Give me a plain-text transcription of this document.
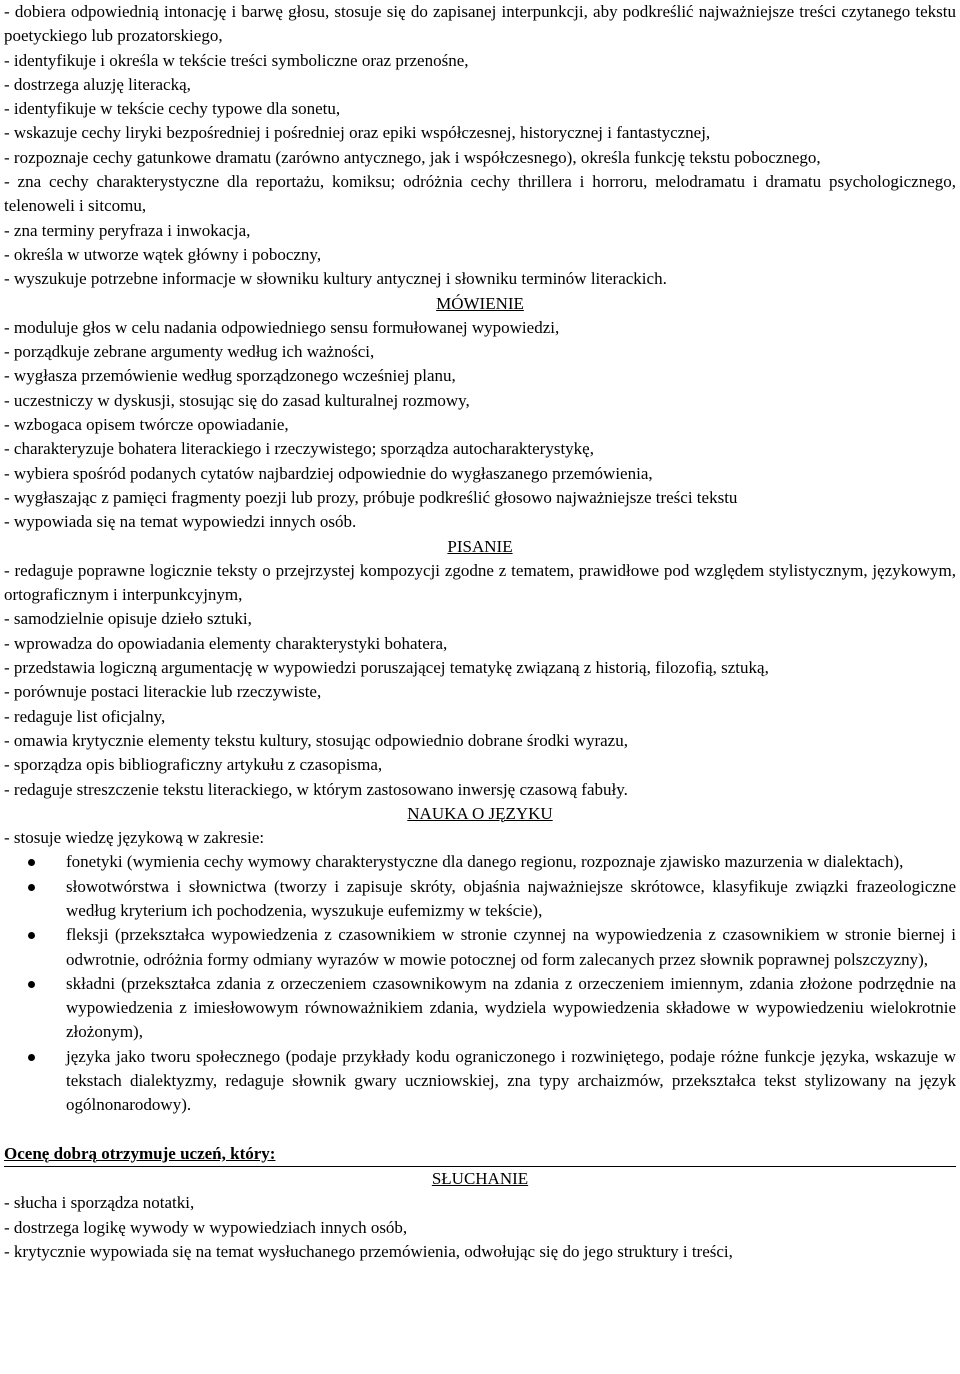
- dobiera odpowiednią intonację i barwę głosu, stosuje się do zapisanej interpunkcji, aby podkreślić najważniejsze treści czytanego tekstu poetyckiego lub prozatorskiego,

- identyfikuje i określa w tekście treści symboliczne oraz przenośne,

- dostrzega aluzję literacką,

- identyfikuje w tekście cechy typowe dla sonetu,

- wskazuje cechy liryki bezpośredniej i pośredniej oraz epiki współczesnej, historycznej i fantastycznej,

- rozpoznaje cechy gatunkowe dramatu (zarówno antycznego, jak i współczesnego), określa funkcję tekstu pobocznego,

- zna cechy charakterystyczne dla reportażu, komiksu; odróżnia cechy thrillera i horroru, melodramatu i dramatu psychologicznego, telenoweli i sitcomu,

- zna terminy peryfraza i inwokacja,

- określa w utworze wątek główny i poboczny,

- wyszukuje potrzebne informacje w słowniku kultury antycznej i słowniku terminów literackich.

MÓWIENIE

- moduluje głos w celu nadania odpowiedniego sensu formułowanej wypowiedzi,

- porządkuje zebrane argumenty według ich ważności,

- wygłasza przemówienie według sporządzonego wcześniej planu,

- uczestniczy w dyskusji, stosując się do zasad kulturalnej rozmowy,

- wzbogaca opisem twórcze opowiadanie,

- charakteryzuje bohatera literackiego i rzeczywistego; sporządza autocharakterystykę,

- wybiera spośród podanych cytatów najbardziej odpowiednie do wygłaszanego przemówienia,

- wygłaszając z pamięci fragmenty poezji lub prozy, próbuje podkreślić głosowo najważniejsze treści tekstu

- wypowiada się na temat wypowiedzi innych osób.

PISANIE

- redaguje poprawne logicznie teksty o przejrzystej kompozycji zgodne z tematem, prawidłowe pod względem stylistycznym, językowym, ortograficznym i interpunkcyjnym,

- samodzielnie opisuje dzieło sztuki,

- wprowadza do opowiadania elementy charakterystyki bohatera,

- przedstawia logiczną argumentację w wypowiedzi poruszającej tematykę związaną z historią, filozofią, sztuką,

- porównuje postaci literackie lub rzeczywiste,

- redaguje list oficjalny,

- omawia krytycznie elementy tekstu kultury, stosując odpowiednio dobrane środki wyrazu,

- sporządza opis bibliograficzny artykułu z czasopisma,

- redaguje streszczenie tekstu literackiego, w którym zastosowano inwersję czasową fabuły.

NAUKA O JĘZYKU

- stosuje wiedzę językową w zakresie:

fonetyki (wymienia cechy wymowy charakterystyczne dla danego regionu, rozpoznaje zjawisko mazurzenia w dialektach),
słowotwórstwa i słownictwa (tworzy i zapisuje skróty, objaśnia najważniejsze skrótowce, klasyfikuje związki frazeologiczne według kryterium ich pochodzenia, wyszukuje eufemizmy w tekście),
fleksji (przekształca wypowiedzenia z czasownikiem w stronie czynnej na wypowiedzenia z czasownikiem w stronie biernej i odwrotnie, odróżnia formy odmiany wyrazów w mowie potocznej od form zalecanych przez słownik poprawnej polszczyzny),
składni (przekształca zdania z orzeczeniem czasownikowym na zdania z orzeczeniem imiennym, zdania złożone podrzędnie na wypowiedzenia z imiesłowowym równoważnikiem zdania, wydziela wypowiedzenia składowe w wypowiedzeniu wielokrotnie złożonym),
języka jako tworu społecznego (podaje przykłady kodu ograniczonego i rozwiniętego, podaje różne funkcje języka, wskazuje w tekstach dialektyzmy, redaguje słownik gwary uczniowskiej, zna typy archaizmów, przekształca tekst stylizowany na język ogólnonarodowy).

Ocenę dobrą otrzymuje uczeń, który:

SŁUCHANIE

- słucha i sporządza notatki,

- dostrzega logikę wywody w wypowiedziach innych osób,

- krytycznie wypowiada się na temat wysłuchanego przemówienia, odwołując się do jego struktury i treści,
